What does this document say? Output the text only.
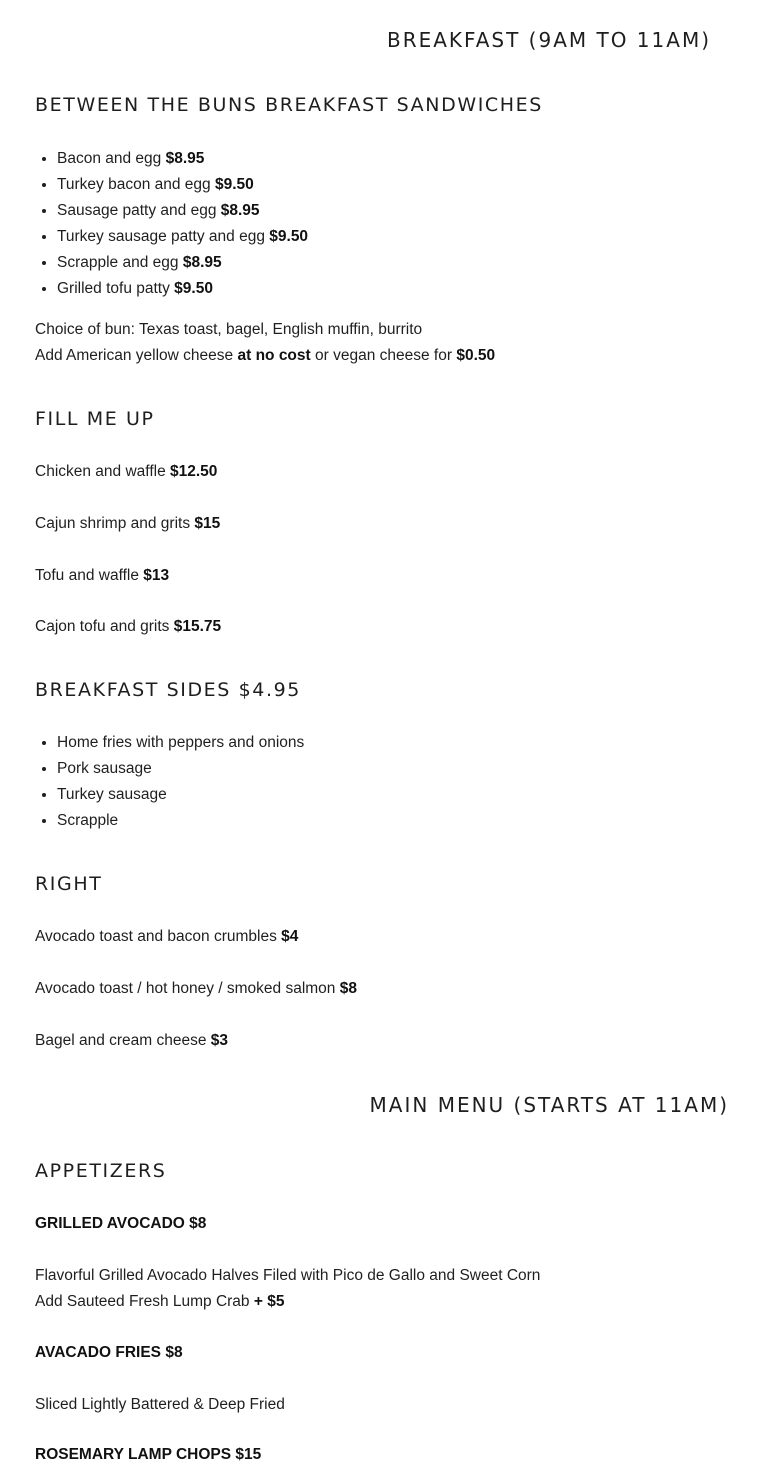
BREAKFAST (9AM TO 11AM)
BETWEEN THE BUNS BREAKFAST SANDWICHES
• Bacon and egg $8.95
• Turkey bacon and egg $9.50
• Sausage patty and egg $8.95
• Turkey sausage patty and egg $9.50
• Scrapple and egg $8.95
• Grilled tofu patty $9.50

Choice of bun: Texas toast, bagel, English muffin, burrito

Add American yellow cheese at no cost or vegan cheese for $0.50

FILL ME UP

Chicken and waffle $12.50

Cajun shrimp and grits $15

Tofu and waffle $13

Cajon tofu and grits $15.75

BREAKFAST SIDES $4.95
• Home fries with peppers and onions
• Pork sausage
• Turkey sausage
• Scrapple
RIGHT

Avocado toast and bacon crumbles $4

Avocado toast / hot honey / smoked salmon $8

Bagel and cream cheese $3

MAIN MENU (STARTS AT 11AM)
APPETIZERS

GRILLED AVOCADO $8

Flavorful Grilled Avocado Halves Filed with Pico de Gallo and Sweet Corn

Add Sauteed Fresh Lump Crab + $5

AVACADO FRIES $8

Sliced Lightly Battered & Deep Fried

ROSEMARY LAMP CHOPS $15
